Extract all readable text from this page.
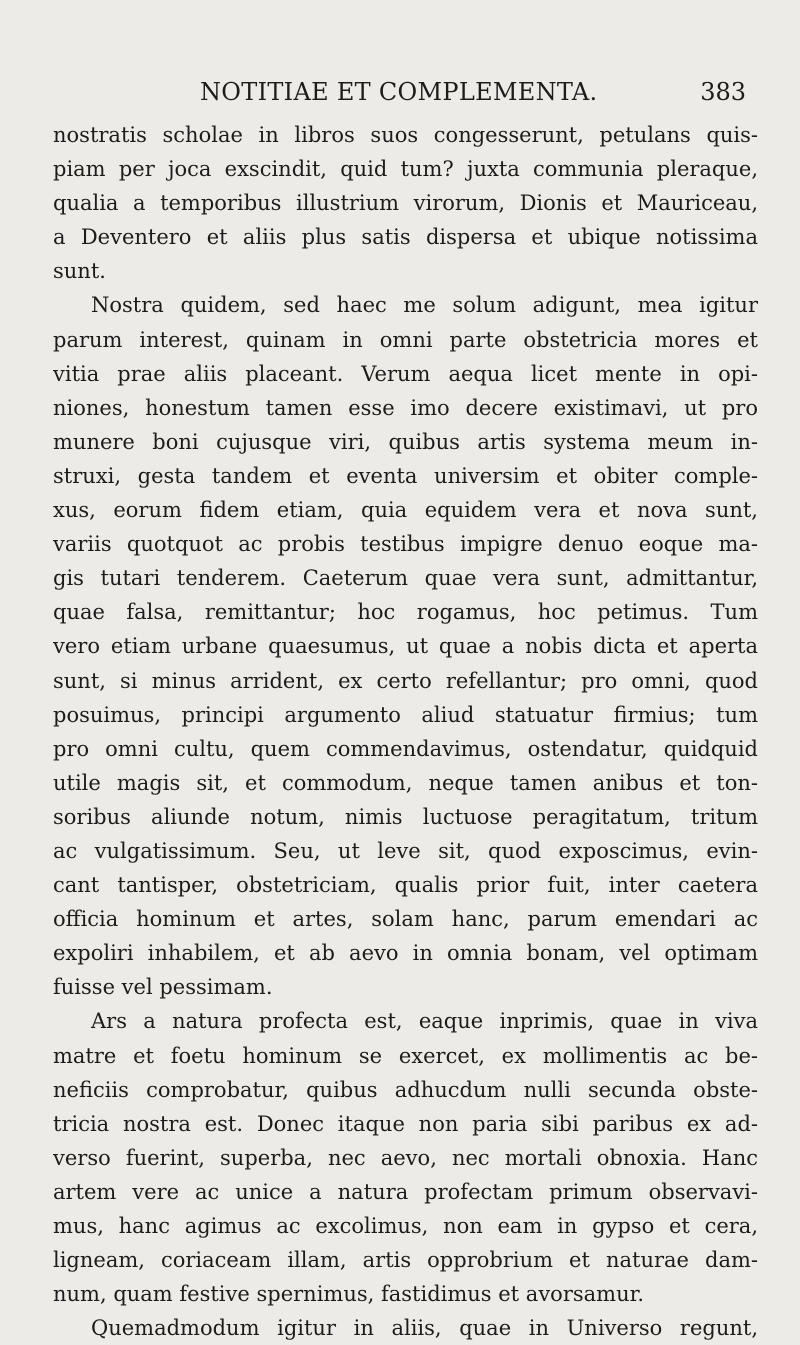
NOTITIAE ET COMPLEMENTA.	383
nostratis scholae in libros suos congesserunt, petulans quis-
piam per joca exscindit, quid tum? juxta communia pleraque,
qualia a temporibus illustrium virorum, Dionis et Mauriceau,
a Deventero et aliis plus satis dispersa et ubique notissima
sunt.
Nostra quidem, sed haec me solum adigunt, mea igitur
parum interest, quinam in omni parte obstetricia mores et
vitia prae aliis placeant. Verum aequa licet mente in opi-
niones, honestum tamen esse imo decere existimavi, ut pro
munere boni cujusque viri, quibus artis systema meum in-
struxi, gesta tandem et eventa universim et obiter comple-
xus, eorum fidem etiam, quia equidem vera et nova sunt,
variis quotquot ac probis testibus impigre denuo eoque ma-
gis tutari tenderem. Caeterum quae vera sunt, admittantur,
quae falsa, remittantur; hoc rogamus, hoc petimus. Tum
vero etiam urbane quaesumus, ut quae a nobis dicta et aperta
sunt, si minus arrident, ex certo refellantur; pro omni, quod
posuimus, principi argumento aliud statuatur firmius; tum
pro omni cultu, quem commendavimus, ostendatur, quidquid
utile magis sit, et commodum, neque tamen anibus et ton-
soribus aliunde notum, nimis luctuose peragitatum, tritum
ac vulgatissimum. Seu, ut leve sit, quod exposcimus, evin-
cant tantisper, obstetriciam, qualis prior fuit, inter caetera
officia hominum et artes, solam hanc, parum emendari ac
expoliri inhabilem, et ab aevo in omnia bonam, vel optimam
fuisse vel pessimam.
Ars a natura profecta est, eaque inprimis, quae in viva
matre et foetu hominum se exercet, ex mollimentis ac be-
neficiis comprobatur, quibus adhucdum nulli secunda obste-
tricia nostra est. Donec itaque non paria sibi paribus ex ad-
verso fuerint, superba, nec aevo, nec mortali obnoxia. Hanc
artem vere ac unice a natura profectam primum observavi-
mus, hanc agimus ac excolimus, non eam in gypso et cera,
ligneam, coriaceam illam, artis opprobrium et naturae dam-
num, quam festive spernimus, fastidimus et avorsamur.
Quemadmodum igitur in aliis, quae in Universo regunt,
